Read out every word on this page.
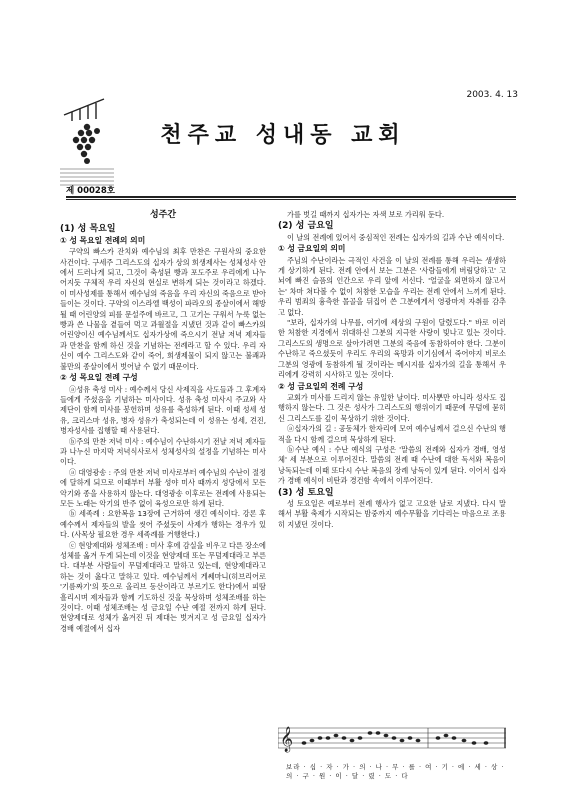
2003. 4. 13
천주교 성내동 교회
제 00028호
성주간
(1) 성 목요일
① 성 목요일 전례의 의미

구약의 빠스카 잔치와 예수님의 최후 만찬은 구원사의 중요한 사건이다. 구세주 그리스도의 십자가 상의 희생제사는 성체성사 안에서 드러나게 되고, 그것이 축성된 빵과 포도주로 우리에게 나누어지듯 구체적 우리 자신의 현실로 변하게 되는 것이라고 하겠다. 이 미사성제를 통해서 예수님의 죽음을 우리 자신의 죽음으로 받아들이는 것이다. 구약의 이스라엘 백성이 파라오의 종살이에서 해방될 때 어린양의 피를 문설주에 바르고, 그 고기는 구워서 누룩 없는 빵과 쓴 나물을 곁들여 먹고 과월절을 지냈던 것과 같이 빠스카의 어린양이신 예수님께서도 십자가상에 죽으시기 전날 저녁 제자들과 만찬을 함께 하신 것을 기념하는 전례라고 할 수 있다. 우리 자신이 예수 그리스도와 같이 죽어, 희생제물이 되지 않고는 불쾌과 불만의 종살이에서 벗어날 수 없기 때문이다.

② 성 목요일 전례 구성

ⓐ성유 축성 미사 : 예수께서 당신 사제직을 사도들과 그 후계자들에게 주셨음을 기념하는 미사이다. 성유 축성 미사시 주교와 사제단이 함께 미사를 봉헌하며 성유를 축성하게 된다. 이때 성세 성유, 크리스마 성유, 병자 성유가 축성되는데 이 성유는 성세, 견진, 병자성사를 집행할 때 사용된다.

ⓑ주의 만찬 저녁 미사 : 예수님이 수난하시기 전날 저녁 제자들과 나누신 마지막 저녁식사로서 성체성사의 설정을 기념하는 미사이다.

ⓐ 대영광송 : 주의 만찬 저녁 미사로부터 예수님의 수난이 절정에 달하게 되므로 이때부터 부활 성야 미사 때까지 성당에서 모든 악기와 종을 사용하지 않는다. 대영광송 이후로는 전례에 사용되는 모든 노래는 악기의 반주 없이 육성으로만 하게 된다.

ⓑ 세족례 : 요한복음 13장에 근거하여 생긴 예식이다. 강론 후 예수께서 제자들의 발을 씻어 주셨듯이 사제가 행하는 경우가 있다. (사목상 필요한 경우 세족례를 거행한다.)

ⓒ 현양제대와 성체조배 : 미사 후에 감실을 비우고 다른 장소에 성체를 옮겨 두게 되는데 이것을 현양제대 또는 무덤제대라고 부른다. 대부분 사람들이 무덤제대라고 말하고 있는데, 현양제대라고 하는 것이 옳다고 말하고 있다. 예수님께서 게쎄마니(히브리어로 '기름짜기'의 뜻으로 올리브 동산이라고 부르기도 한다)에서 피땀 흘리시며 제자들과 함께 기도하신 것을 묵상하며 성체조배를 하는 것이다. 이때 성체조배는 성 금요일 수난 예절 전까지 하게 된다. 현양제대로 성체가 옮겨진 뒤 제대는 벗겨지고 성 금요일 십자가 경배 예절에서 십자

가를 벗길 때까지 십자가는 자색 보로 가리워 둔다.

(2) 성 금요일

이 날의 전례에 있어서 중심적인 전례는 십자가의 길과 수난 예식이다.

① 성 금요일의 의미

주님의 수난이라는 극적인 사건을 이 날의 전례를 통해 우리는 생생하게 상기하게 된다. 전례 안에서 보는 그분은 '사람들에게 버림당하고' 고뇌에 빠진 슬픔의 인간으로 우리 앞에 서신다. '얼굴을 외면하지 않고서는' 차마 쳐다볼 수 없이 처참한 모습을 우리는 전례 안에서 느끼게 된다. 우리 범죄의 흉측한 몰골을 뒤집어 쓴 그분에게서 영광마저 자취를 감추고 없다.

"보라, 십자가의 나무를, 여기에 세상의 구원이 달렸도다." 바로 이러한 처참한 지경에서 위대하신 그분의 지극한 사랑이 빛나고 있는 것이다. 그리스도의 생명으로 살아가려면 그분의 죽음에 동참하여야 한다. 그분이 수난하고 죽으셨듯이 우리도 우리의 육망과 이기심에서 죽어야지 비로소 그분의 영광에 동참하게 될 것이라는 메시지를 십자가의 길을 통해서 우리에게 강력히 시사하고 있는 것이다.

② 성 금요일의 전례 구성

교회가 미사를 드리지 않는 유일한 날이다. 미사뿐만 아니라 성사도 집행하지 않는다. 그 것은 성사가 그리스도의 행위이기 때문에 무덤에 묻히신 그리스도를 깊이 묵상하기 위한 것이다.

ⓐ십자가의 길 : 공동체가 한자리에 모여 예수님께서 걸으신 수난의 행적을 다시 함께 걸으며 묵상하게 된다.

ⓑ수난 예식 : 수난 예식의 구성은 '말씀의 전례와 십자가 경배, 영성체' 세 부분으로 이루어진다. 말씀의 전례 때 수난에 대한 독서와 복음이 낭독되는데 이때 또다시 수난 복음의 장례 낭독이 있게 된다. 이어서 십자가 경배 예식이 비탄과 경건함 속에서 이루어진다.

(3) 성 토요일

성 토요일은 예로부터 전례 행사가 없고 고요한 날로 지냈다. 다시 말해서 부활 축제가 시작되는 밤중까지 예수무활을 기다리는 마음으로 조용히 지냈던 것이다.

𝄞
보라 · 십 · 자 · 가 · 의 · 나 · 무 · 를 · 여 · 기 · 에 · 세 · 상 · 의 · 구 · 원 · 이 · 달 · 렸 · 도 · 다
